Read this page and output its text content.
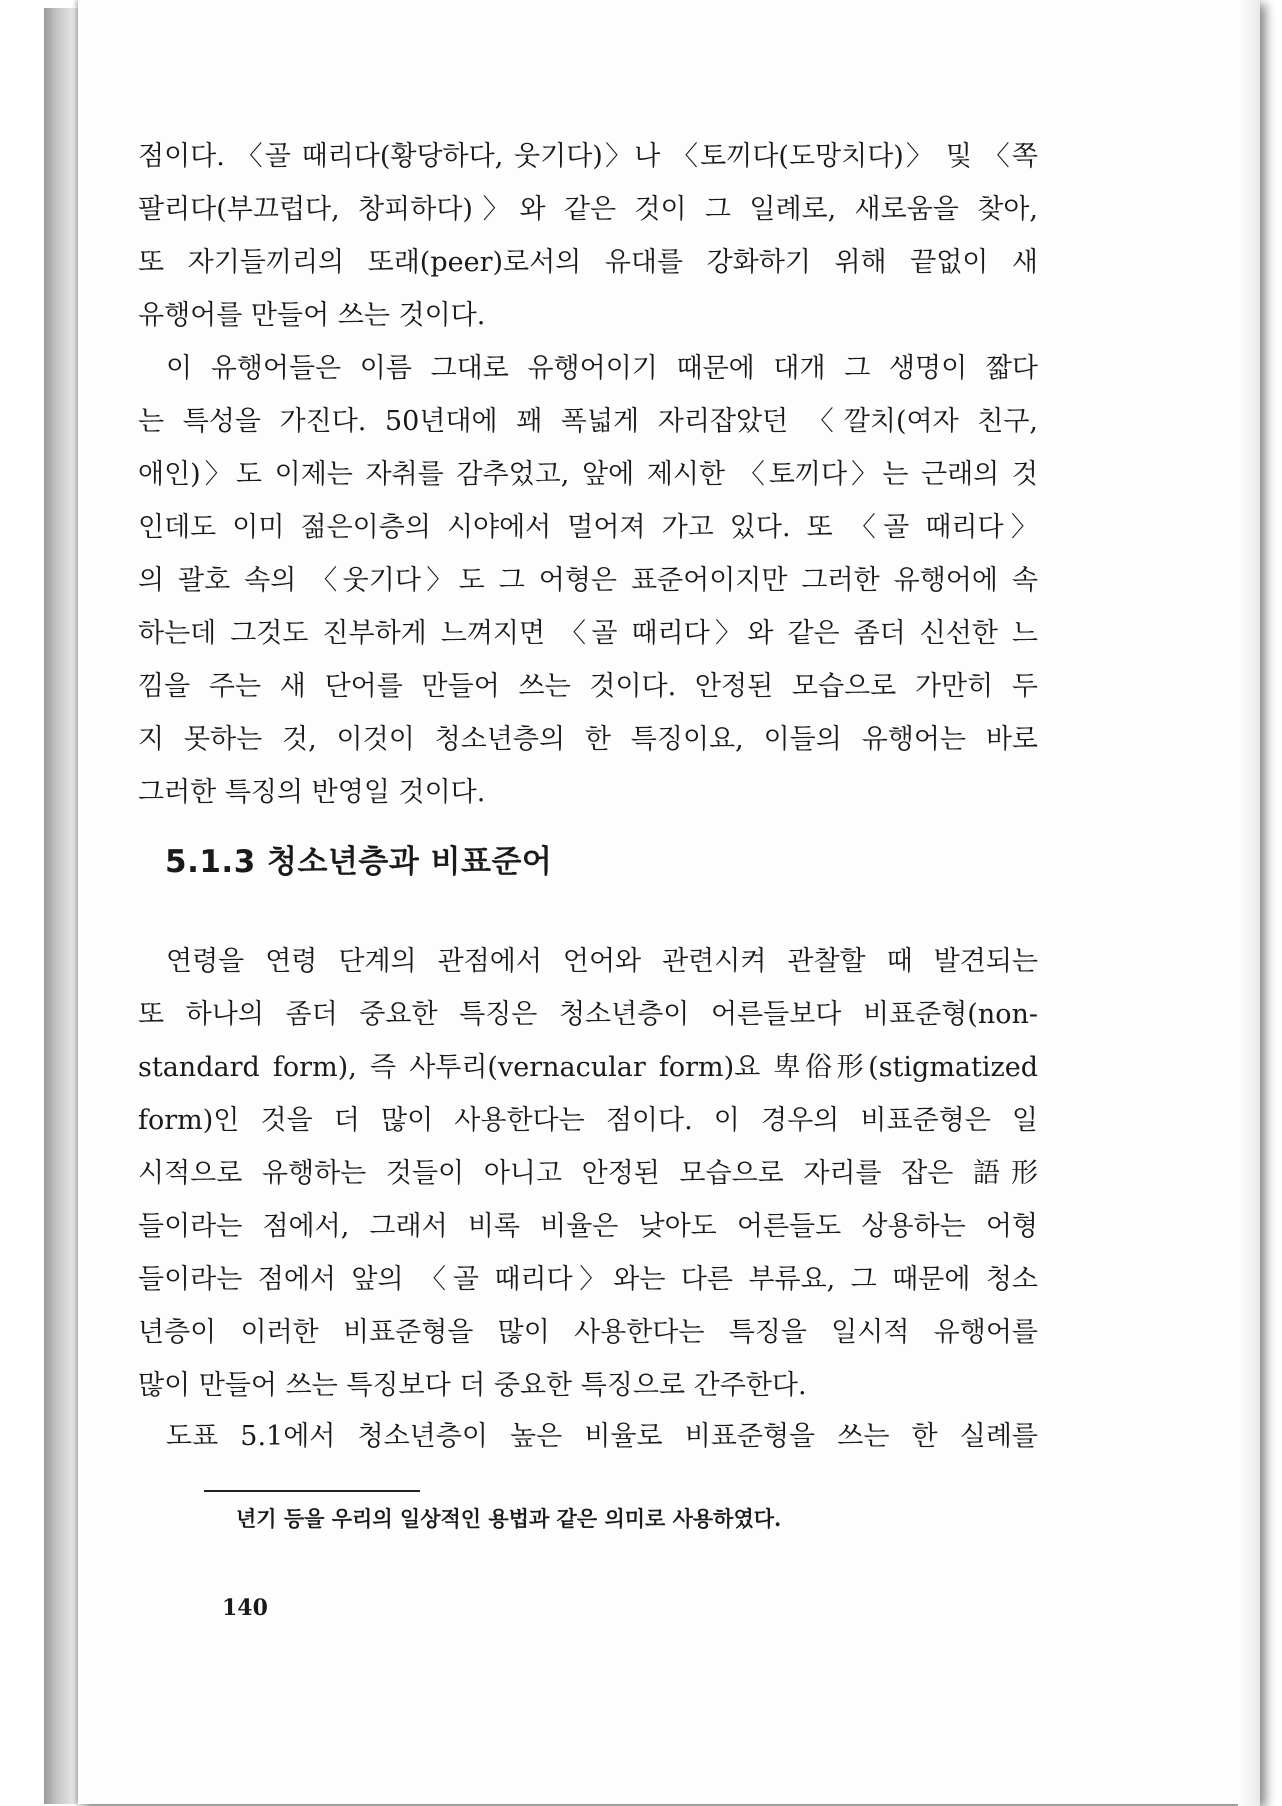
점이다. 〈골 때리다(황당하다, 웃기다)〉나 〈토끼다(도망치다)〉 및 〈쪽
팔리다(부끄럽다, 창피하다)〉와 같은 것이 그 일례로, 새로움을 찾아,
또 자기들끼리의 또래(peer)로서의 유대를 강화하기 위해 끝없이 새
유행어를 만들어 쓰는 것이다.
이 유행어들은 이름 그대로 유행어이기 때문에 대개 그 생명이 짧다
는 특성을 가진다. 50년대에 꽤 폭넓게 자리잡았던 〈깔치(여자 친구,
애인)〉도 이제는 자취를 감추었고, 앞에 제시한 〈토끼다〉는 근래의 것
인데도 이미 젊은이층의 시야에서 멀어져 가고 있다. 또 〈골 때리다〉
의 괄호 속의 〈웃기다〉도 그 어형은 표준어이지만 그러한 유행어에 속
하는데 그것도 진부하게 느껴지면 〈골 때리다〉와 같은 좀더 신선한 느
낌을 주는 새 단어를 만들어 쓰는 것이다. 안정된 모습으로 가만히 두
지 못하는 것, 이것이 청소년층의 한 특징이요, 이들의 유행어는 바로
그러한 특징의 반영일 것이다.
5.1.3 청소년층과 비표준어
연령을 연령 단계의 관점에서 언어와 관련시켜 관찰할 때 발견되는
또 하나의 좀더 중요한 특징은 청소년층이 어른들보다 비표준형(non-
standard form), 즉 사투리(vernacular form)요 卑俗形(stigmatized
form)인 것을 더 많이 사용한다는 점이다. 이 경우의 비표준형은 일
시적으로 유행하는 것들이 아니고 안정된 모습으로 자리를 잡은 語形
들이라는 점에서, 그래서 비록 비율은 낮아도 어른들도 상용하는 어형
들이라는 점에서 앞의 〈골 때리다〉와는 다른 부류요, 그 때문에 청소
년층이 이러한 비표준형을 많이 사용한다는 특징을 일시적 유행어를
많이 만들어 쓰는 특징보다 더 중요한 특징으로 간주한다.
도표 5.1에서 청소년층이 높은 비율로 비표준형을 쓰는 한 실례를
년기 등을 우리의 일상적인 용법과 같은 의미로 사용하였다.
140
